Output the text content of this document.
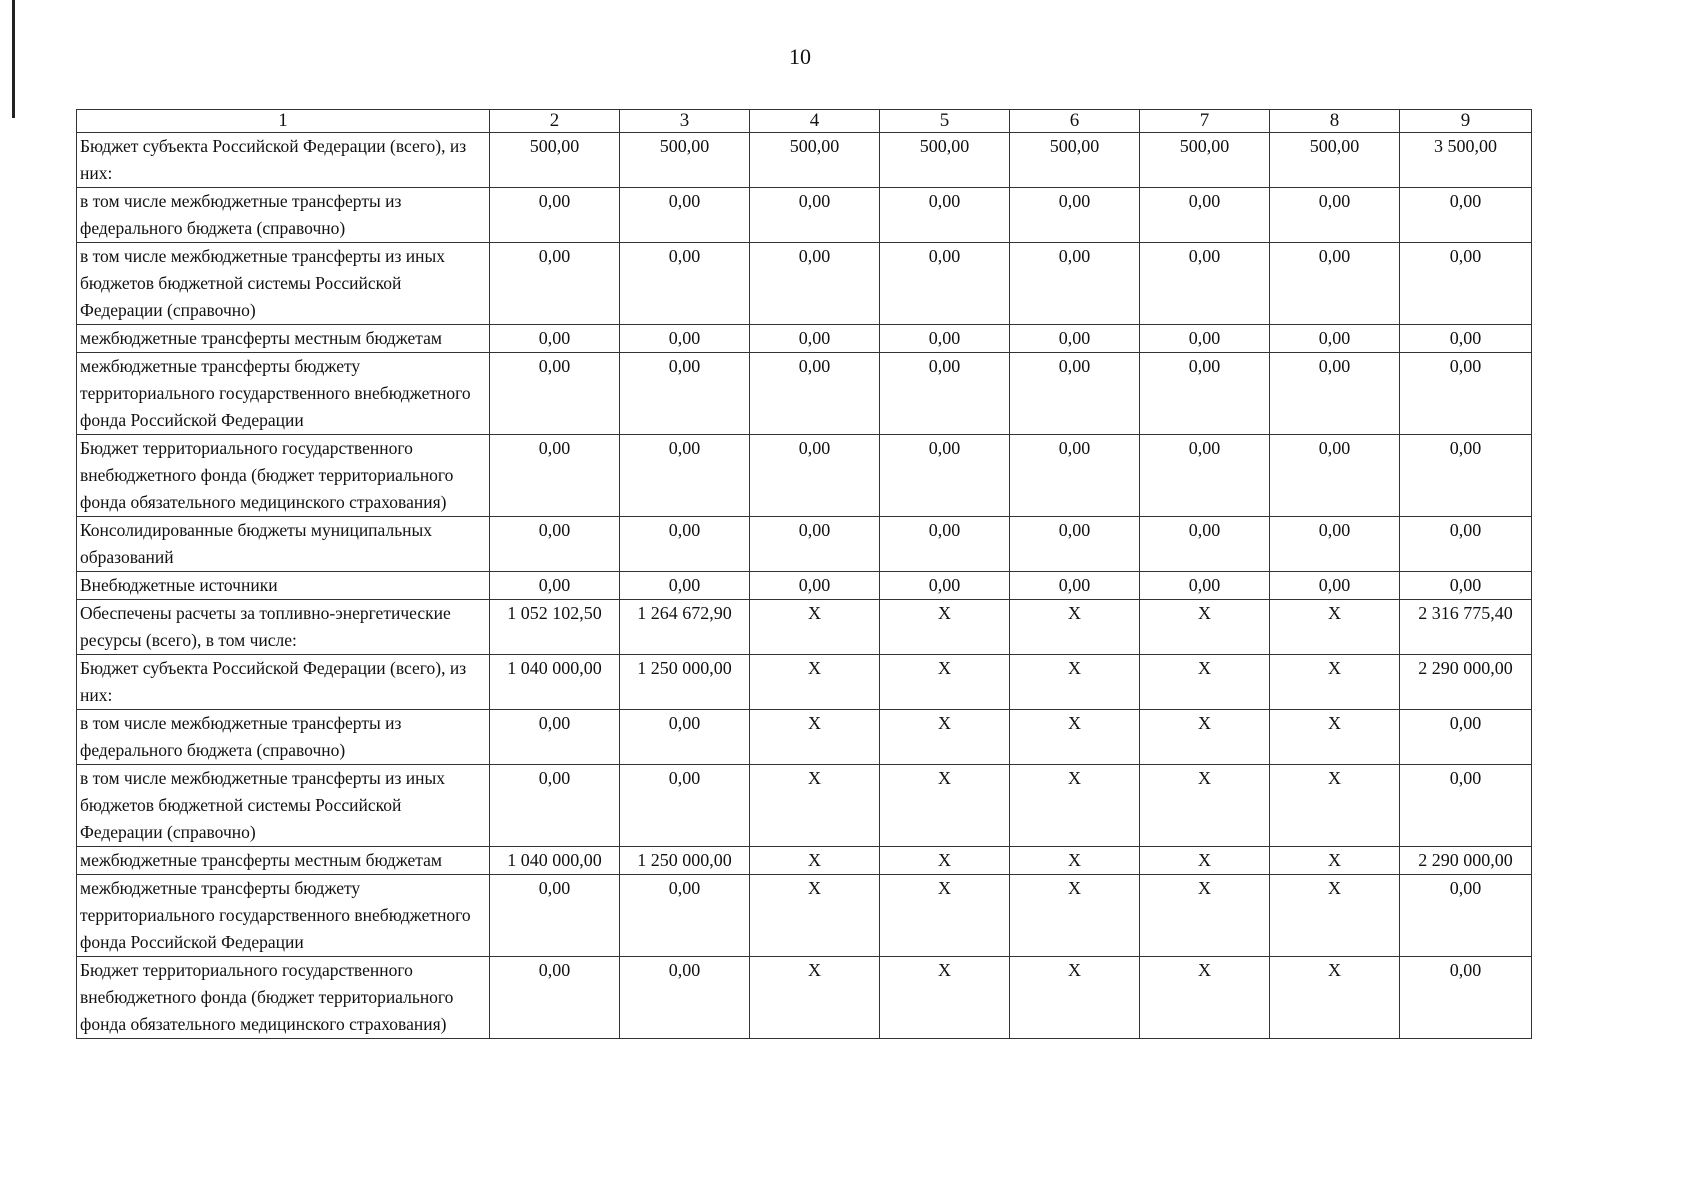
10
1	2	3	4	5	6	7	8	9
Бюджет субъекта Российской Федерации (всего), из них:	500,00	500,00	500,00	500,00	500,00	500,00	500,00	3 500,00
в том числе межбюджетные трансферты из федерального бюджета (справочно)	0,00	0,00	0,00	0,00	0,00	0,00	0,00	0,00
в том числе межбюджетные трансферты из иных бюджетов бюджетной системы Российской Федерации (справочно)	0,00	0,00	0,00	0,00	0,00	0,00	0,00	0,00
межбюджетные трансферты местным бюджетам	0,00	0,00	0,00	0,00	0,00	0,00	0,00	0,00
межбюджетные трансферты бюджету территориального государственного внебюджетного фонда Российской Федерации	0,00	0,00	0,00	0,00	0,00	0,00	0,00	0,00
Бюджет территориального государственного внебюджетного фонда (бюджет территориального фонда обязательного медицинского страхования)	0,00	0,00	0,00	0,00	0,00	0,00	0,00	0,00
Консолидированные бюджеты муниципальных образований	0,00	0,00	0,00	0,00	0,00	0,00	0,00	0,00
Внебюджетные источники	0,00	0,00	0,00	0,00	0,00	0,00	0,00	0,00
Обеспечены расчеты за топливно-энергетические ресурсы (всего), в том числе:	1 052 102,50	1 264 672,90	X	X	X	X	X	2 316 775,40
Бюджет субъекта Российской Федерации (всего), из них:	1 040 000,00	1 250 000,00	X	X	X	X	X	2 290 000,00
в том числе межбюджетные трансферты из федерального бюджета (справочно)	0,00	0,00	X	X	X	X	X	0,00
в том числе межбюджетные трансферты из иных бюджетов бюджетной системы Российской Федерации (справочно)	0,00	0,00	X	X	X	X	X	0,00
межбюджетные трансферты местным бюджетам	1 040 000,00	1 250 000,00	X	X	X	X	X	2 290 000,00
межбюджетные трансферты бюджету территориального государственного внебюджетного фонда Российской Федерации	0,00	0,00	X	X	X	X	X	0,00
Бюджет территориального государственного внебюджетного фонда (бюджет территориального фонда обязательного медицинского страхования)	0,00	0,00	X	X	X	X	X	0,00
